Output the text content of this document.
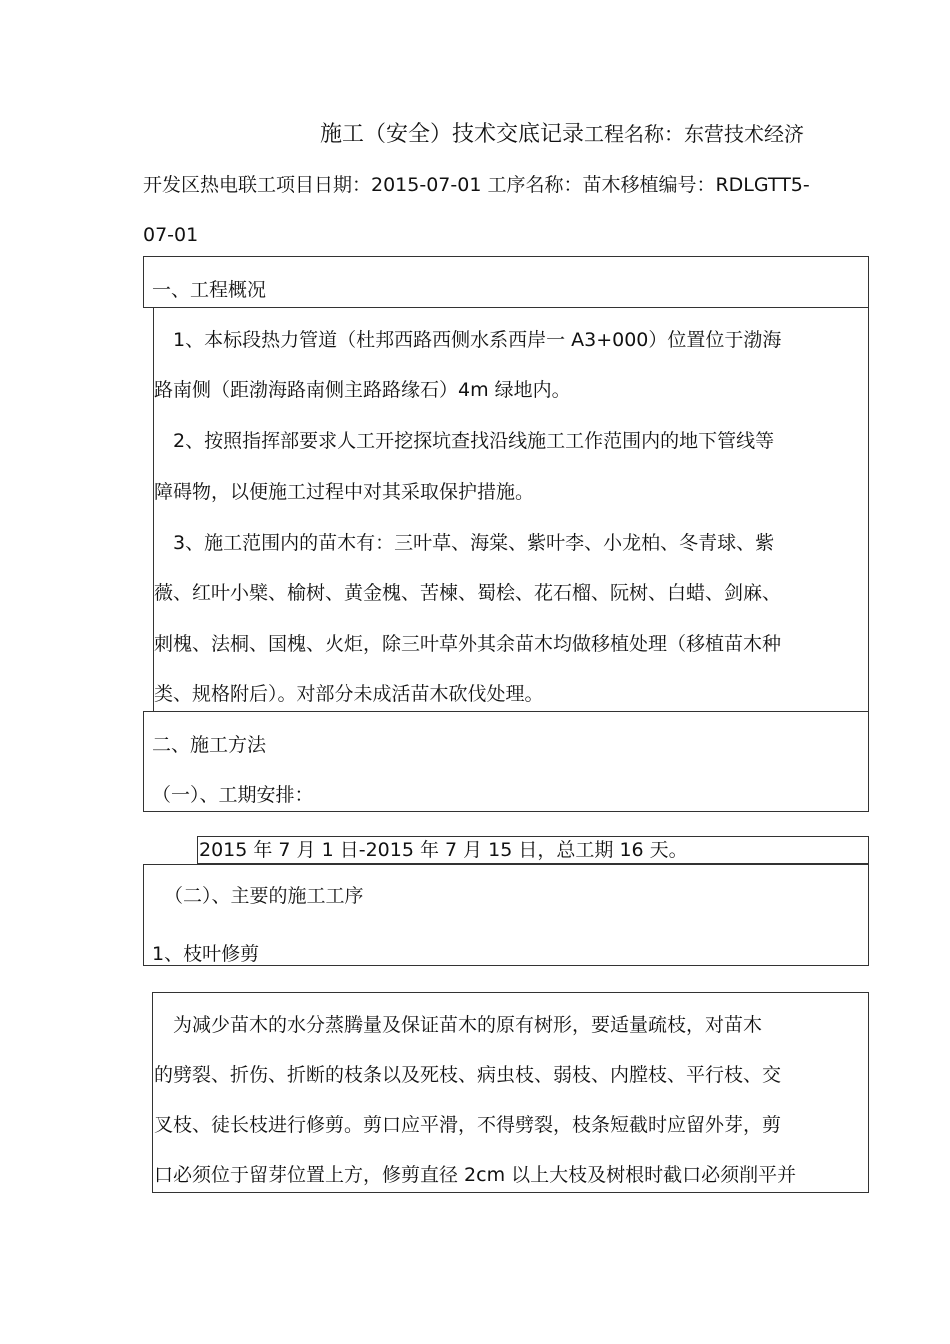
施工（安全）技术交底记录工程名称：东营技术经济
开发区热电联工项目日期：2015-07-01 工序名称：苗木移植编号：RDLGTT5-
07-01
一、工程概况
　1、本标段热力管道（杜邦西路西侧水系西岸一 A3+000）位置位于渤海
路南侧（距渤海路南侧主路路缘石）4m 绿地内。
　2、按照指挥部要求人工开挖探坑查找沿线施工工作范围内的地下管线等
障碍物，以便施工过程中对其采取保护措施。
　3、施工范围内的苗木有：三叶草、海棠、紫叶李、小龙柏、冬青球、紫
薇、红叶小檗、榆树、黄金槐、苦楝、蜀桧、花石榴、阮树、白蜡、剑麻、
刺槐、法桐、国槐、火炬，除三叶草外其余苗木均做移植处理（移植苗木种
类、规格附后）。对部分未成活苗木砍伐处理。
二、施工方法
（一）、工期安排：
2015 年 7 月 1 日-2015 年 7 月 15 日，总工期 16 天。
（二）、主要的施工工序
1、枝叶修剪
　为减少苗木的水分蒸腾量及保证苗木的原有树形，要适量疏枝，对苗木
的劈裂、折伤、折断的枝条以及死枝、病虫枝、弱枝、内膛枝、平行枝、交
叉枝、徒长枝进行修剪。剪口应平滑，不得劈裂，枝条短截时应留外芽，剪
口必须位于留芽位置上方，修剪直径 2cm 以上大枝及树根时截口必须削平并
